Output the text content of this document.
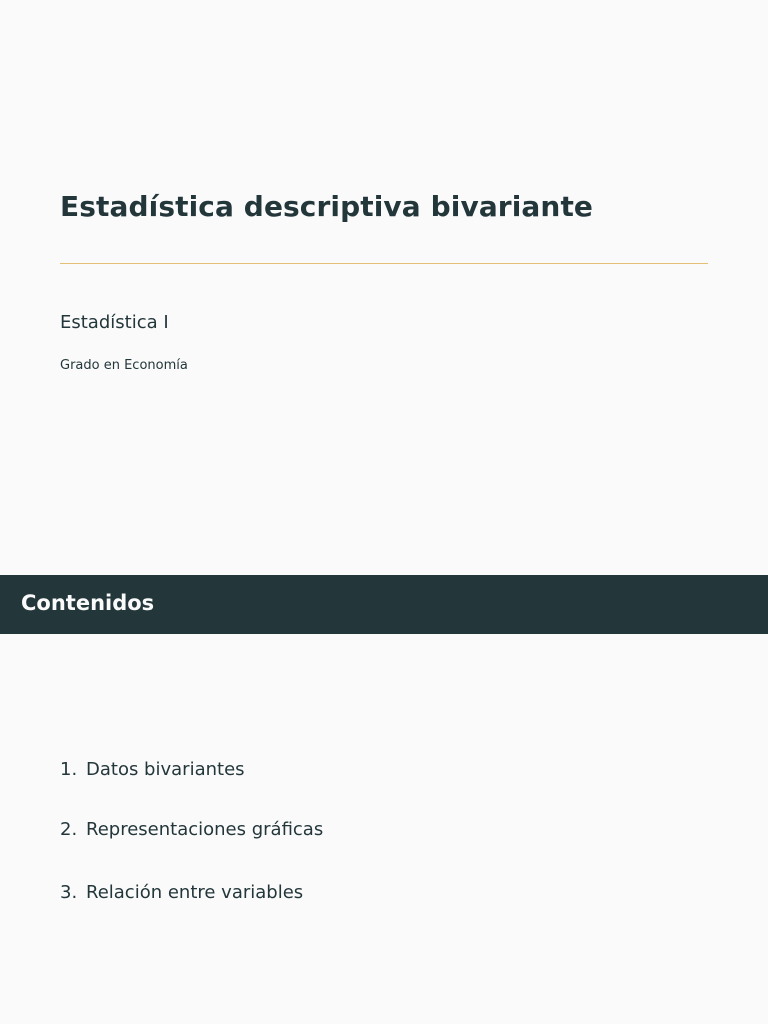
Estadística descriptiva bivariante
Estadística I
Grado en Economía
Contenidos
1. Datos bivariantes
2. Representaciones gráficas
3. Relación entre variables
